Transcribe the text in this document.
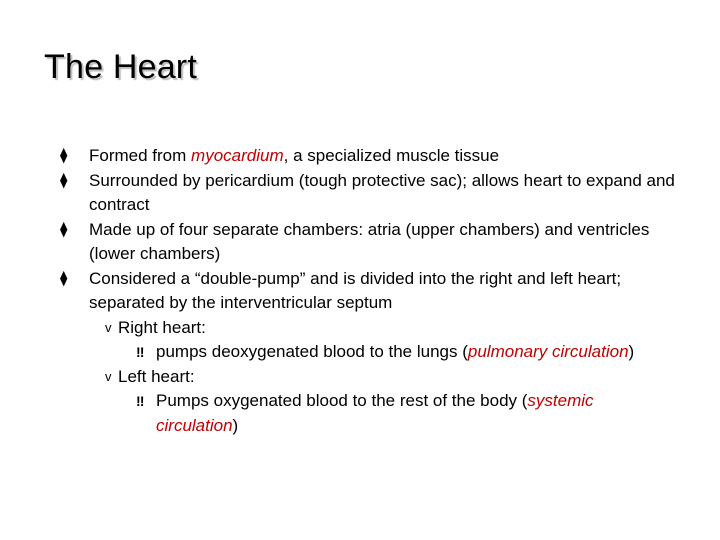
The Heart
⧫ Formed from myocardium, a specialized muscle tissue
⧫ Surrounded by pericardium (tough protective sac); allows heart to expand and contract
⧫ Made up of four separate chambers: atria (upper chambers) and ventricles (lower chambers)
⧫ Considered a “double-pump” and is divided into the right and left heart; separated by the interventricular septum
v Right heart:
‼ pumps deoxygenated blood to the lungs (pulmonary circulation)
v Left heart:
‼ Pumps oxygenated blood to the rest of the body (systemic circulation)
